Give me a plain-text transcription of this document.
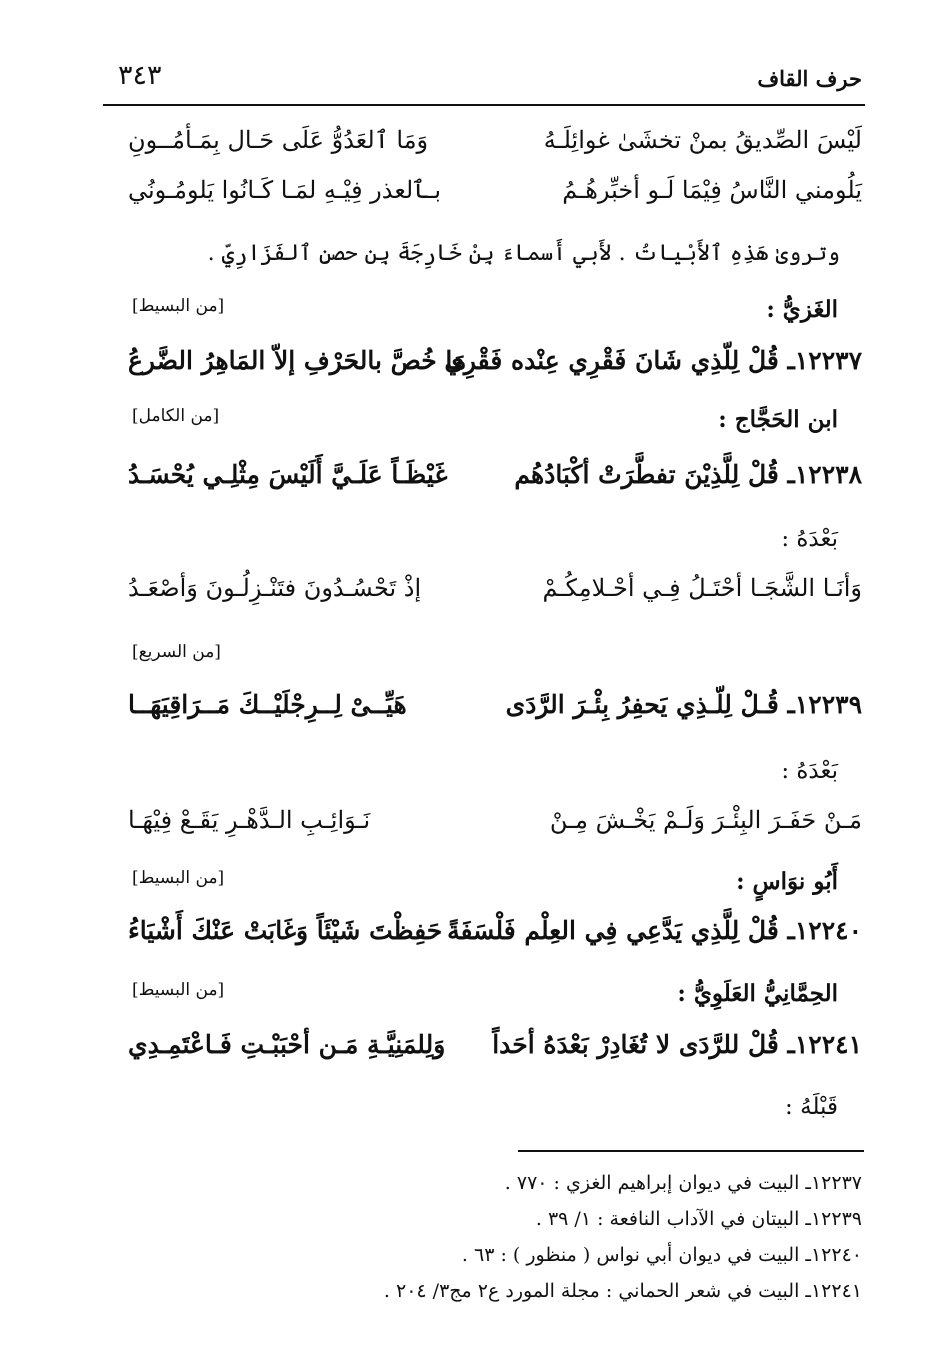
٣٤٣	حرف القاف
لَيْسَ الصِّديقُ بمنْ تخشَىٰ غوائِلَـهُ
وَمَا ٱلعَدُوُّ عَلَى حَـال بِمَـأمُــونِ
يَلُومني النَّاسُ فِيْمَا لَـو أخبِّرهُـمُ
بـٱلعذر فِيْـهِ لمَـا كَـانُوا يَلومُـونُي
وتروىٰ هَذِهِ ٱلأَبْياتُ . لأَبي أَسماءَ بِنْ خَارِجَةَ بِن حصنِ ٱلفَزَارِيِّ .
الغَزيُّ :
[من البسيط]
١٢٢٣٧ـ قُلْ لِلّذِي شَانَ فَقْرِي عِنْده فَقْرِي
مَا خُصَّ بالحَرْفِ إلاّ المَاهِرُ الضَّرعُ
ابن الحَجَّاج :
[من الكامل]
١٢٢٣٨ـ قُلْ لِلَّذِيْنَ تفطَّرَتْ أكْبَادُهُم
غَيْظَـاً عَلَـيَّ أَلَيْسَ مِثْلِـي يُحْسَـدُ
بَعْدَهُ :
وَأنَـا الشَّجَـا أحْتَـلُ فِـي أحْـلامِكُـمْ
إذْ تَحْسُـدُونَ فتَنْـزِلُـونَ وَأصْعَـدُ
[من السريع]
١٢٢٣٩ـ قُـلْ لِلّـذِي يَحفِرُ بِئْـرَ الرَّدَى
هَيِّــىْ لِــرِجْلَيْــكَ مَــرَاقِيَهَــا
بَعْدَهُ :
مَـنْ حَفَـرَ البِئْـرَ وَلَـمْ يَخْـشَ مِـنْ
نَـوَائِـبِ الـدَّهْـرِ يَقَـعْ فِيْهَـا
أَبُو نوَاسٍ :
[من البسيط]
١٢٢٤٠ـ قُلْ لِلَّذِي يَدَّعِي فِي العِلْم فَلْسَفَةً
حَفِظْتَ شَيْئَاً وَغَابَتْ عَنْكَ أَشْيَاءُ
الحِمَّانِيُّ العَلَوِيُّ :
[من البسيط]
١٢٢٤١ـ قُلْ للرَّدَى لا تُغَادِرْ بَعْدَهُ أحَداً
وَلِلمَنِيَّـةِ مَـن أحْبَبْـتِ فَـاعْتَمِـدِي
قَبْلَهُ :
١٢٢٣٧ـ البيت في ديوان إبراهيم الغزي : ٧٧٠ .
١٢٢٣٩ـ البيتان في الآداب النافعة : ١/ ٣٩ .
١٢٢٤٠ـ البيت في ديوان أبي نواس ( منظور ) : ٦٣ .
١٢٢٤١ـ البيت في شعر الحماني : مجلة المورد ع٢ مج٣/ ٢٠٤ .
